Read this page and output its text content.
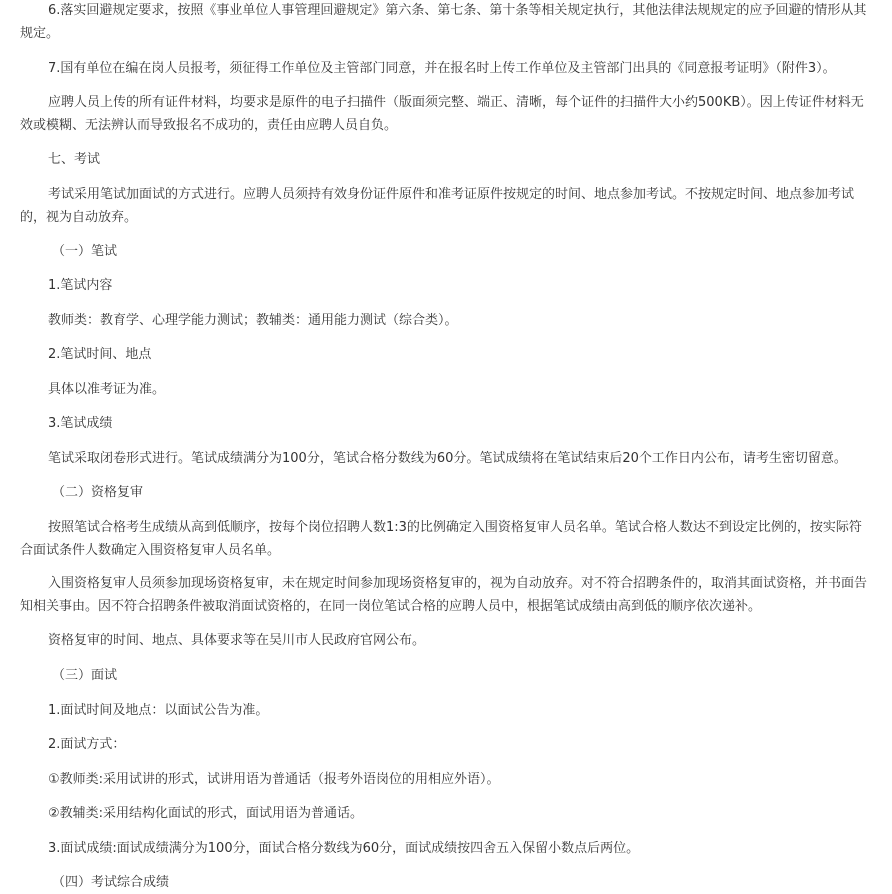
6.落实回避规定要求，按照《事业单位人事管理回避规定》第六条、第七条、第十条等相关规定执行，其他法律法规规定的应予回避的情形从其规定。

7.国有单位在编在岗人员报考，须征得工作单位及主管部门同意，并在报名时上传工作单位及主管部门出具的《同意报考证明》（附件3）。

应聘人员上传的所有证件材料，均要求是原件的电子扫描件（版面须完整、端正、清晰，每个证件的扫描件大小约500KB）。因上传证件材料无效或模糊、无法辨认而导致报名不成功的，责任由应聘人员自负。

七、考试

考试采用笔试加面试的方式进行。应聘人员须持有效身份证件原件和准考证原件按规定的时间、地点参加考试。不按规定时间、地点参加考试的，视为自动放弃。

（一）笔试

1.笔试内容

教师类：教育学、心理学能力测试；教辅类：通用能力测试（综合类）。

2.笔试时间、地点

具体以准考证为准。

3.笔试成绩

笔试采取闭卷形式进行。笔试成绩满分为100分，笔试合格分数线为60分。笔试成绩将在笔试结束后20个工作日内公布，请考生密切留意。

（二）资格复审

按照笔试合格考生成绩从高到低顺序，按每个岗位招聘人数1:3的比例确定入围资格复审人员名单。笔试合格人数达不到设定比例的，按实际符合面试条件人数确定入围资格复审人员名单。

入围资格复审人员须参加现场资格复审，未在规定时间参加现场资格复审的，视为自动放弃。对不符合招聘条件的，取消其面试资格，并书面告知相关事由。因不符合招聘条件被取消面试资格的，在同一岗位笔试合格的应聘人员中，根据笔试成绩由高到低的顺序依次递补。

资格复审的时间、地点、具体要求等在吴川市人民政府官网公布。

（三）面试

1.面试时间及地点：以面试公告为准。

2.面试方式：

①教师类:采用试讲的形式，试讲用语为普通话（报考外语岗位的用相应外语）。

②教辅类:采用结构化面试的形式，面试用语为普通话。

3.面试成绩:面试成绩满分为100分，面试合格分数线为60分，面试成绩按四舍五入保留小数点后两位。

（四）考试综合成绩
